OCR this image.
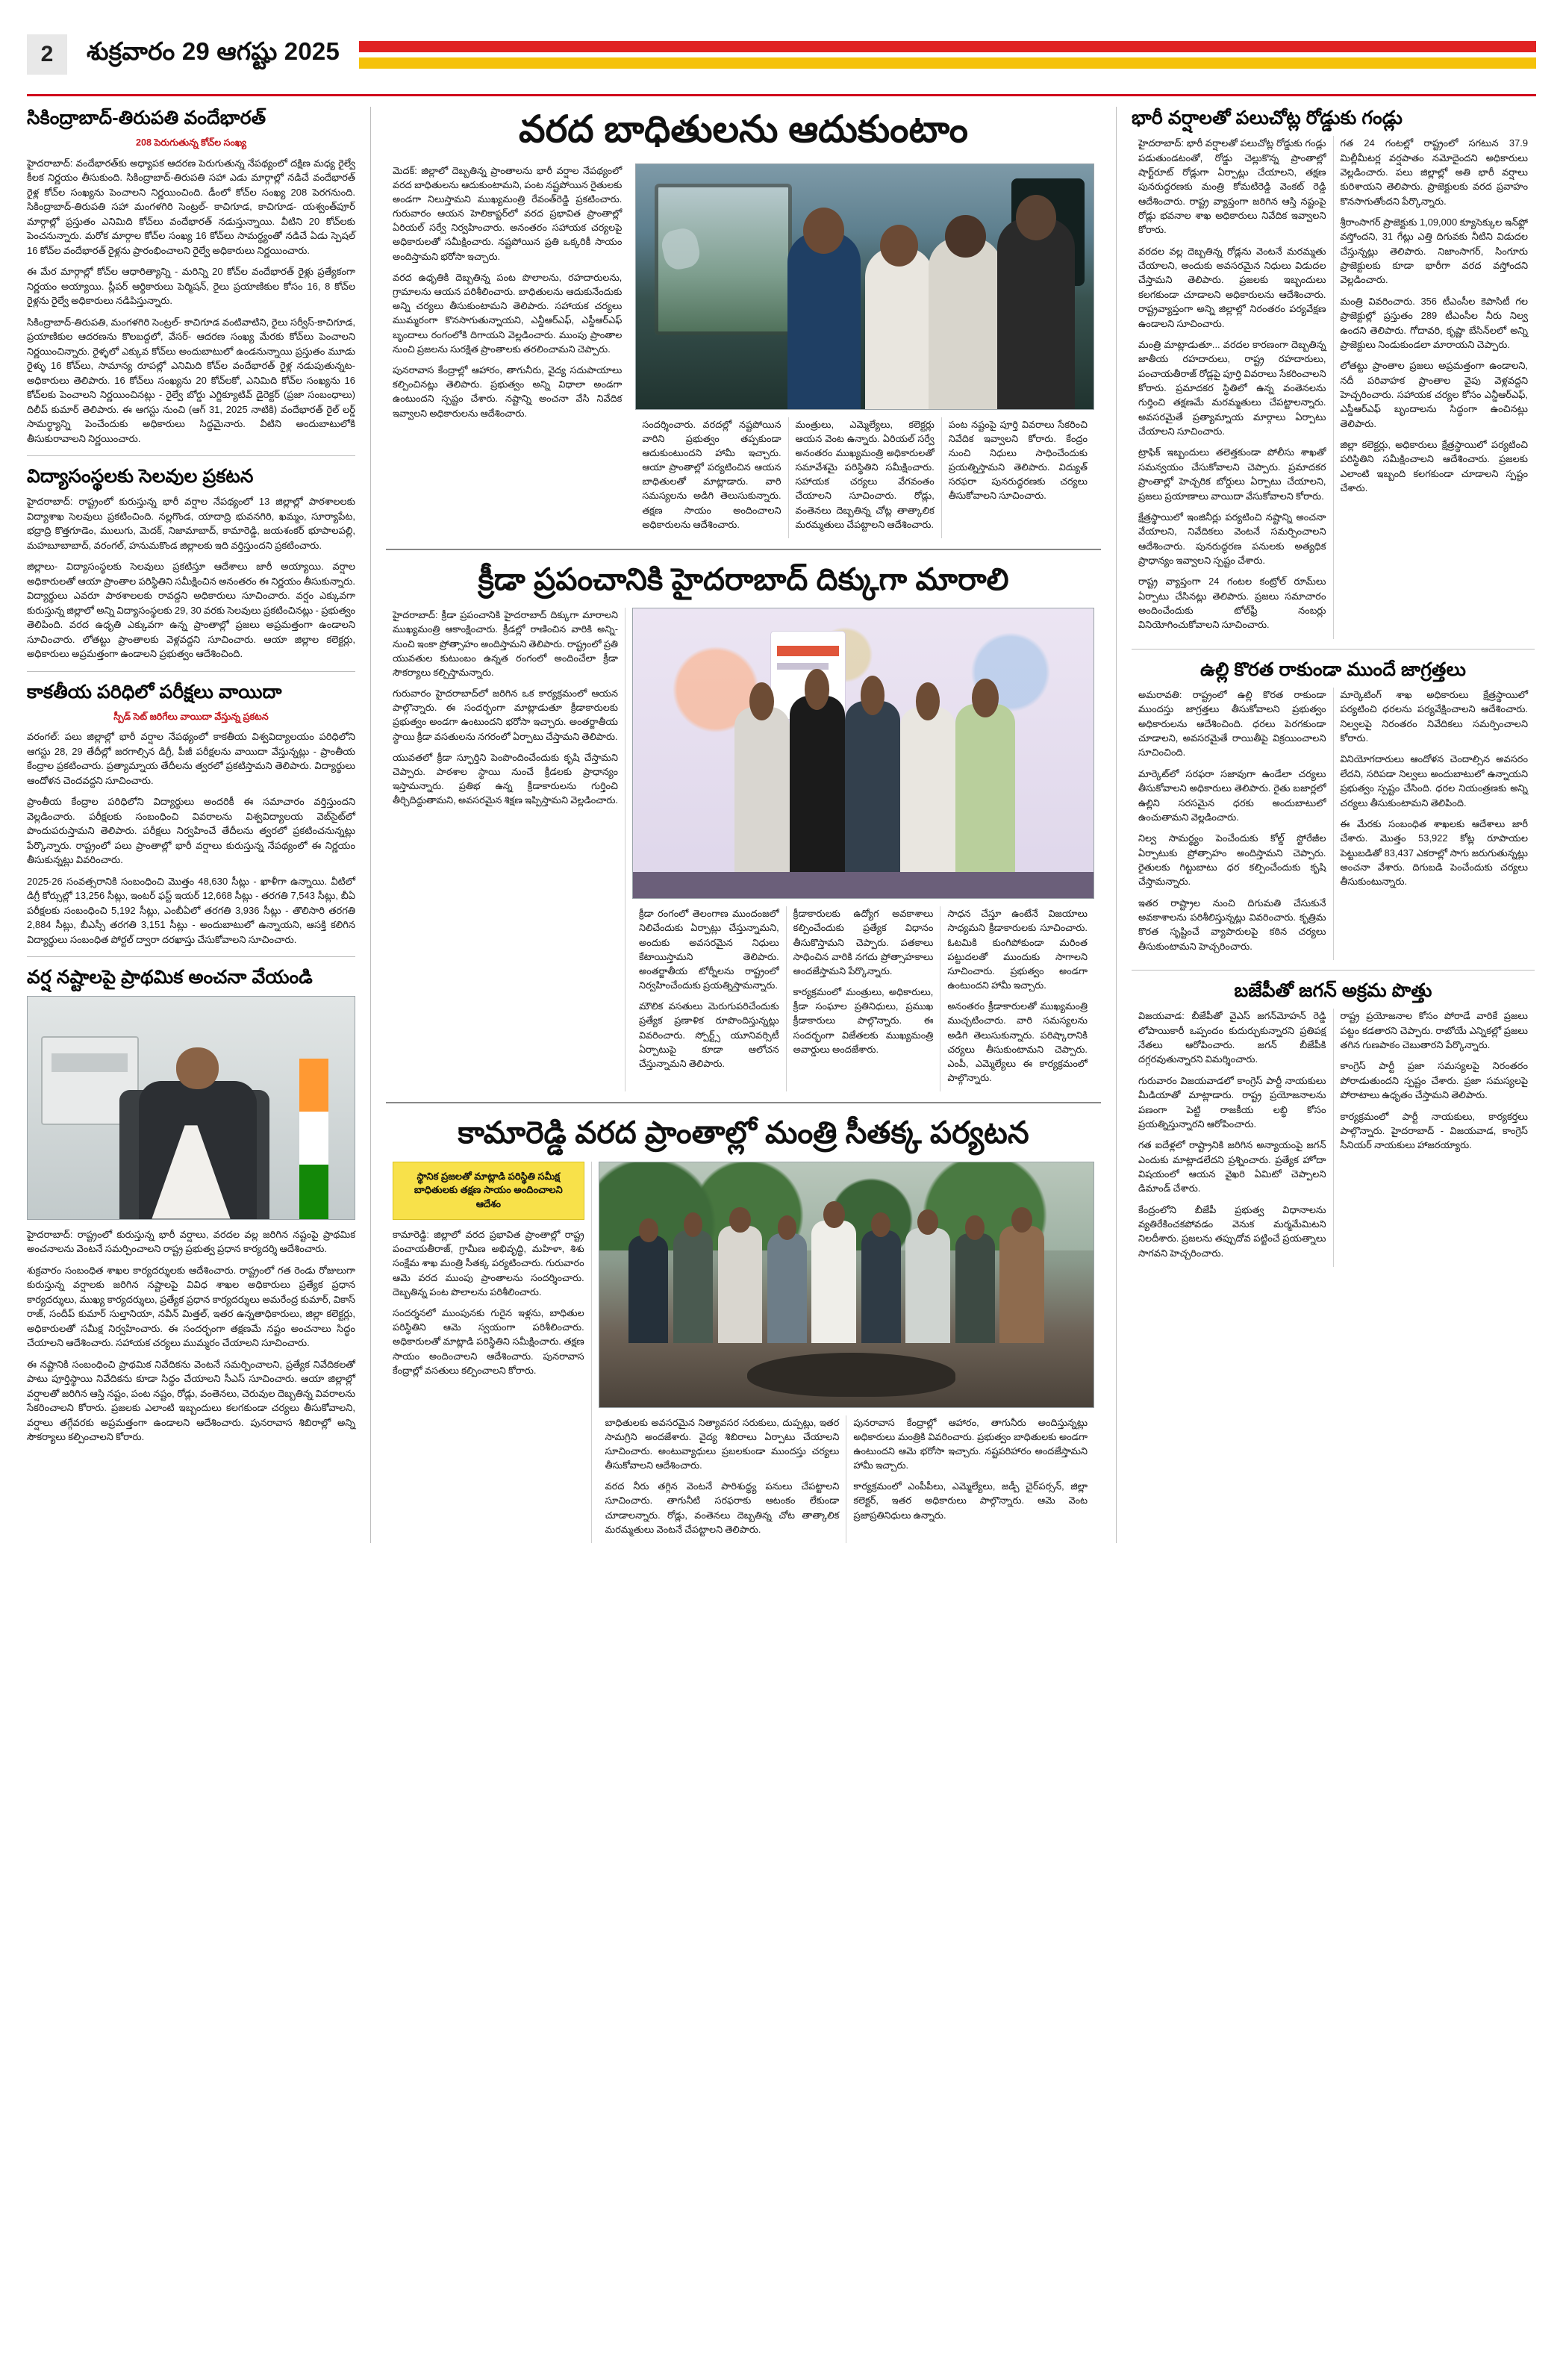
2	శుక్రవారం 29 ఆగష్టు 2025
సికింద్రాబాద్‌-తిరుపతి వందేభారత్‌
208 పెరుగుతున్న కోచ్‌ల సంఖ్య

హైదరాబాద్‌: వందేభారత్‌కు అధ్యాపక ఆదరణ పెరుగుతున్న నేపథ్యంలో దక్షిణ మధ్య రైల్వే కీలక నిర్ణయం తీసుకుంది. సికింద్రాబాద్‌-తిరుపతి సహా ఎడు మార్గాల్లో నడిచే వందేభారత్‌ రైళ్ల కోచ్‌ల సంఖ్యను పెంచాలని నిర్ణయించింది. డీంలో కోచ్‌ల సంఖ్య 208 పెరగనుంది. సికింద్రాబాద్‌-తిరుపతి సహా మంగళగిరి సెంట్రల్‌- కాచిగూడ, కాచిగూడ- యశ్వంత్‌పూర్‌ మార్గాల్లో ప్రస్తుతం ఎనిమిది కోచ్‌లు వందేభారత్‌ నడుస్తున్నాయి. వీటిని 20 కోచ్‌లకు పెంచనున్నారు. మరోక మార్గాల కోచ్‌ల సంఖ్య 16 కోచ్‌లు సామర్థ్యంతో నడిచే ఏడు స్పెషల్‌ 16 కోచ్‌ల వందేభారత్‌ రైళ్లను ప్రారంభించాలని రైల్వే అధికారులు నిర్ణయించారు.

ఈ మేర మార్గాల్లో కోచ్‌ల ఆధారిత్యాన్ని - మరిన్ని 20 కోచ్‌ల వందేభారత్‌ రైళ్లు ప్రత్యేకంగా నిర్ణయం అయ్యాయి. స్లీపర్‌ ఆర్థికారులు పెర్మిషన్‌, రైలు ప్రయాణికుల కోసం 16, 8 కోచ్‌ల రైళ్లను రైల్వే అధికారులు నడిపిస్తున్నారు.

సికింద్రాబాద్‌-తిరుపతి, మంగళగిరి సెంట్రల్‌- కాచిగూడ వంటివాటిని, రైలు సర్వీస్‌-కాచిగూడ, ప్రయాణికుల ఆదరణను కొలబద్దలో, వేసర్‌- ఆదరణ సంఖ్య మేరకు కోచ్‌లు పెంచాలని నిర్ణయించిన్నారు. రైళ్ళలో ఎక్కువ కోచ్‌లు అందుబాటులో ఉండనున్నాయి ప్రస్తుతం మూడు రైళ్ళు 16 కోచ్‌లు, సామాన్య రూపల్లో ఎనిమిది కోచ్‌ల వందేభారత్‌ రైళ్ల నడుపుతున్నట-అధికారులు తెలిపారు. 16 కోచ్‌లు సంఖ్యను 20 కోచ్‌లకో, ఎనిమిది కోచ్‌ల సంఖ్యను 16 కోచ్‌లకు పెంచాలని నిర్ణయించినట్లు - రైల్వే బోర్డు ఎగ్జిక్యూటివ్‌ డైరెక్టర్‌ (ప్రజా సంబంధాలు) దిలీప్‌ కుమార్‌ తెలిపారు. ఈ ఆగస్టు నుంచి (ఆగ్ 31, 2025 నాటికి) వందేభారత్‌ రైల్‌ లర్డ్‌ సామర్ధ్యాన్ని పెంచేందుకు అధికారులు సిద్ధమైనారు. వీటిని అందుబాటులోకి తీసుకురావాలని నిర్ణయించారు.

విద్యాసంస్థలకు సెలవుల ప్రకటన

హైదరాబాద్‌: రాష్ట్రంలో కురుస్తున్న భారీ వర్షాల నేపథ్యంలో 13 జిల్లాల్లో పాఠశాలలకు విద్యాశాఖ సెలవులు ప్రకటించింది. నల్లగొండ, యాదాద్రి భువనగిరి, ఖమ్మం, సూర్యాపేట, భద్రాద్రి కొత్తగూడెం, ములుగు, మెదక్‌, నిజామాబాద్‌, కామారెడ్డి, జయశంకర్‌ భూపాలపల్లి, మహబూబాబాద్‌, వరంగల్‌, హనుమకొండ జిల్లాలకు ఇది వర్తిస్తుందని ప్రకటించారు.

జిల్లాలు- విద్యాసంస్థలకు సెలవులు ప్రకటిస్తూ ఆదేశాలు జారీ అయ్యాయి. వర్షాల అధికారులతో ఆయా ప్రాంతాల పరిస్థితిని సమీక్షించిన అనంతరం ఈ నిర్ణయం తీసుకున్నారు. విద్యార్థులు ఎవరూ పాఠశాలలకు రావద్దని అధికారులు సూచించారు. వర్షం ఎక్కువగా కురుస్తున్న జిల్లాలో అన్ని విద్యాసంస్థలకు 29, 30 వరకు సెలవులు ప్రకటించినట్లు - ప్రభుత్వం తెలిపింది. వరద ఉధృతి ఎక్కువగా ఉన్న ప్రాంతాల్లో ప్రజలు అప్రమత్తంగా ఉండాలని సూచించారు. లోతట్టు ప్రాంతాలకు వెళ్లవద్దని సూచించారు. ఆయా జిల్లాల కలెక్టర్లు, అధికారులు అప్రమత్తంగా ఉండాలని ప్రభుత్వం ఆదేశించింది.

కాకతీయ పరిధిలో పరీక్షలు వాయిదా
స్పీడ్‌ సెట్ జరిగేలు వాయిదా వేస్తున్న ప్రకటన

వరంగల్‌: పలు జిల్లాల్లో భారీ వర్షాల నేపథ్యంలో కాకతీయ విశ్వవిద్యాలయం పరిధిలోని ఆగస్టు 28, 29 తేదీల్లో జరగాల్సిన డిగ్రీ, పీజీ పరీక్షలను వాయిదా వేస్తున్నట్లు - ప్రాంతీయ కేంద్రాల ప్రకటించారు. ప్రత్యామ్నాయ తేదీలను త్వరలో ప్రకటిస్తామని తెలిపారు. విద్యార్థులు ఆందోళన చెందవద్దని సూచించారు.

ప్రాంతీయ కేంద్రాల పరిధిలోని విద్యార్థులు అందరికీ ఈ సమాచారం వర్తిస్తుందని వెల్లడించారు. పరీక్షలకు సంబంధించి వివరాలను విశ్వవిద్యాలయ వెబ్‌సైట్‌లో పొందుపరుస్తామని తెలిపారు. పరీక్షలు నిర్వహించే తేదీలను త్వరలో ప్రకటించనున్నట్లు పేర్కొన్నారు. రాష్ట్రంలో పలు ప్రాంతాల్లో భారీ వర్షాలు కురుస్తున్న నేపథ్యంలో ఈ నిర్ణయం తీసుకున్నట్లు వివరించారు.

2025-26 సంవత్సరానికి సంబంధించి మొత్తం 48,630 సీట్లు - ఖాళీగా ఉన్నాయి. వీటిలో డిగ్రీ కోర్సుల్లో 13,256 సీట్లు, ఇంటర్‌ ఫస్ట్‌ ఇయర్‌ 12,668 సీట్లు - తరగతి 7,543 సీట్లు, బీఏ పరీక్షలకు సంబంధించి 5,192 సీట్లు, ఎంబీఏలో తరగతి 3,936 సీట్లు - తొలిసారి తరగతి 2,884 సీట్లు, బీఎస్సీ తరగతి 3,151 సీట్లు - అందుబాటులో ఉన్నాయని, ఆసక్తి కలిగిన విద్యార్థులు సంబంధిత పోర్టల్‌ ద్వారా దరఖాస్తు చేసుకోవాలని సూచించారు.

వర్ష నష్టాలపై ప్రాథమిక అంచనా వేయండి

హైదరాబాద్‌: రాష్ట్రంలో కురుస్తున్న భారీ వర్షాలు, వరదల వల్ల జరిగిన నష్టంపై ప్రాథమిక అంచనాలను వెంటనే సమర్పించాలని రాష్ట్ర ప్రభుత్వ ప్రధాన కార్యదర్శి ఆదేశించారు.

శుక్రవారం సంబంధిత శాఖల కార్యదర్శులకు ఆదేశించారు. రాష్ట్రంలో గత రెండు రోజులుగా కురుస్తున్న వర్షాలకు జరిగిన నష్టాలపై వివిధ శాఖల అధికారులు ప్రత్యేక ప్రధాన కార్యదర్శులు, ముఖ్య కార్యదర్శులు, ప్రత్యేక ప్రధాన కార్యదర్శులు అమరేంద్ర కుమార్‌, వికాస్‌ రాజ్‌, సందీప్‌ కుమార్‌ సుల్తానియా, నవీన్‌ మిత్తల్‌, ఇతర ఉన్నతాధికారులు, జిల్లా కలెక్టర్లు, అధికారులతో సమీక్ష నిర్వహించారు. ఈ సందర్భంగా తక్షణమే నష్టం అంచనాలు సిద్ధం చేయాలని ఆదేశించారు. సహాయక చర్యలు ముమ్మరం చేయాలని సూచించారు.

ఈ నష్టానికి సంబంధించి ప్రాథమిక నివేదికను వెంటనే సమర్పించాలని, ప్రత్యేక నివేదికలతో పాటు పూర్తిస్థాయి నివేదికను కూడా సిద్ధం చేయాలని సీఎస్‌ సూచించారు. ఆయా జిల్లాల్లో వర్షాలతో జరిగిన ఆస్తి నష్టం, పంట నష్టం, రోడ్లు, వంతెనలు, చెరువుల దెబ్బతిన్న వివరాలను సేకరించాలని కోరారు. ప్రజలకు ఎలాంటి ఇబ్బందులు కలగకుండా చర్యలు తీసుకోవాలని, వర్షాలు తగ్గేవరకు అప్రమత్తంగా ఉండాలని ఆదేశించారు. పునరావాస శిబిరాల్లో అన్ని సౌకర్యాలు కల్పించాలని కోరారు.

వరద బాధితులను ఆదుకుంటాం

మెదక్‌: జిల్లాలో దెబ్బతిన్న ప్రాంతాలను భారీ వర్షాల నేపథ్యంలో వరద బాధితులను ఆదుకుంటామని, పంట నష్టపోయిన రైతులకు అండగా నిలుస్తామని ముఖ్యమంత్రి రేవంత్‌రెడ్డి ప్రకటించారు. గురువారం ఆయన హెలికాప్టర్‌లో వరద ప్రభావిత ప్రాంతాల్లో ఏరియల్‌ సర్వే నిర్వహించారు. అనంతరం సహాయక చర్యలపై అధికారులతో సమీక్షించారు. నష్టపోయిన ప్రతి ఒక్కరికీ సాయం అందిస్తామని భరోసా ఇచ్చారు.

వరద ఉధృతికి దెబ్బతిన్న పంట పొలాలను, రహదారులను, గ్రామాలను ఆయన పరిశీలించారు. బాధితులను ఆదుకునేందుకు అన్ని చర్యలు తీసుకుంటామని తెలిపారు. సహాయక చర్యలు ముమ్మరంగా కొనసాగుతున్నాయని, ఎన్డీఆర్‌ఎఫ్‌, ఎస్డీఆర్‌ఎఫ్‌ బృందాలు రంగంలోకి దిగాయని వెల్లడించారు. ముంపు ప్రాంతాల నుంచి ప్రజలను సురక్షిత ప్రాంతాలకు తరలించామని చెప్పారు.

పునరావాస కేంద్రాల్లో ఆహారం, తాగునీరు, వైద్య సదుపాయాలు కల్పించినట్లు తెలిపారు. ప్రభుత్వం అన్ని విధాలా అండగా ఉంటుందని స్పష్టం చేశారు. నష్టాన్ని అంచనా వేసి నివేదిక ఇవ్వాలని అధికారులను ఆదేశించారు.

సందర్శించారు. వరదల్లో నష్టపోయిన వారిని ప్రభుత్వం తప్పకుండా ఆదుకుంటుందని హామీ ఇచ్చారు. ఆయా ప్రాంతాల్లో పర్యటించిన ఆయన బాధితులతో మాట్లాడారు. వారి సమస్యలను అడిగి తెలుసుకున్నారు. తక్షణ సాయం అందించాలని అధికారులను ఆదేశించారు.

మంత్రులు, ఎమ్మెల్యేలు, కలెక్టర్లు ఆయన వెంట ఉన్నారు. ఏరియల్‌ సర్వే అనంతరం ముఖ్యమంత్రి అధికారులతో సమావేశమై పరిస్థితిని సమీక్షించారు. సహాయక చర్యలు వేగవంతం చేయాలని సూచించారు. రోడ్లు, వంతెనలు దెబ్బతిన్న చోట్ల తాత్కాలిక మరమ్మతులు చేపట్టాలని ఆదేశించారు.

పంట నష్టంపై పూర్తి వివరాలు సేకరించి నివేదిక ఇవ్వాలని కోరారు. కేంద్రం నుంచి నిధులు సాధించేందుకు ప్రయత్నిస్తామని తెలిపారు. విద్యుత్‌ సరఫరా పునరుద్ధరణకు చర్యలు తీసుకోవాలని సూచించారు.

క్రీడా ప్రపంచానికి హైదరాబాద్‌ దిక్కుగా మారాలి

హైదరాబాద్‌: క్రీడా ప్రపంచానికి హైదరాబాద్‌ దిక్కుగా మారాలని ముఖ్యమంత్రి ఆకాంక్షించారు. క్రీడల్లో రాణించిన వారికి అన్ని- నుంచి ఇంకా ప్రోత్సాహం అందిస్తామని తెలిపారు. రాష్ట్రంలో ప్రతి యువతుల కుటుంబం ఉన్నత రంగంలో అందించేలా క్రీడా సౌకర్యాలు కల్పిస్తామన్నారు.

గురువారం హైదరాబాద్‌లో జరిగిన ఒక కార్యక్రమంలో ఆయన పాల్గొన్నారు. ఈ సందర్భంగా మాట్లాడుతూ క్రీడాకారులకు ప్రభుత్వం అండగా ఉంటుందని భరోసా ఇచ్చారు. అంతర్జాతీయ స్థాయి క్రీడా వసతులను నగరంలో ఏర్పాటు చేస్తామని తెలిపారు.

యువతలో క్రీడా స్ఫూర్తిని పెంపొందించేందుకు కృషి చేస్తామని చెప్పారు. పాఠశాల స్థాయి నుంచే క్రీడలకు ప్రాధాన్యం ఇస్తామన్నారు. ప్రతిభ ఉన్న క్రీడాకారులను గుర్తించి తీర్చిదిద్దుతామని, అవసరమైన శిక్షణ ఇప్పిస్తామని వెల్లడించారు.

క్రీడా రంగంలో తెలంగాణ ముందంజలో నిలిచేందుకు ఏర్పాట్లు చేస్తున్నామని, అందుకు అవసరమైన నిధులు కేటాయిస్తామని తెలిపారు. అంతర్జాతీయ టోర్నీలను రాష్ట్రంలో నిర్వహించేందుకు ప్రయత్నిస్తామన్నారు.

మౌలిక వసతులు మెరుగుపరిచేందుకు ప్రత్యేక ప్రణాళిక రూపొందిస్తున్నట్లు వివరించారు. స్పోర్ట్స్‌ యూనివర్సిటీ ఏర్పాటుపై కూడా ఆలోచన చేస్తున్నామని తెలిపారు.

క్రీడాకారులకు ఉద్యోగ అవకాశాలు కల్పించేందుకు ప్రత్యేక విధానం తీసుకొస్తామని చెప్పారు. పతకాలు సాధించిన వారికి నగదు ప్రోత్సాహకాలు అందజేస్తామని పేర్కొన్నారు.

కార్యక్రమంలో మంత్రులు, అధికారులు, క్రీడా సంఘాల ప్రతినిధులు, ప్రముఖ క్రీడాకారులు పాల్గొన్నారు. ఈ సందర్భంగా విజేతలకు ముఖ్యమంత్రి అవార్డులు అందజేశారు.

సాధన చేస్తూ ఉంటేనే విజయాలు సాధ్యమని క్రీడాకారులకు సూచించారు. ఓటమికి కుంగిపోకుండా మరింత పట్టుదలతో ముందుకు సాగాలని సూచించారు. ప్రభుత్వం అండగా ఉంటుందని హామీ ఇచ్చారు.

అనంతరం క్రీడాకారులతో ముఖ్యమంత్రి ముచ్చటించారు. వారి సమస్యలను అడిగి తెలుసుకున్నారు. పరిష్కారానికి చర్యలు తీసుకుంటామని చెప్పారు. ఎంపీ, ఎమ్మెల్యేలు ఈ కార్యక్రమంలో పాల్గొన్నారు.

కామారెడ్డి వరద ప్రాంతాల్లో మంత్రి సీతక్క పర్యటన
స్థానిక ప్రజలతో మాట్లాడి పరిస్థితి సమీక్ష బాధితులకు తక్షణ సాయం అందించాలని ఆదేశం

కామారెడ్డి: జిల్లాలో వరద ప్రభావిత ప్రాంతాల్లో రాష్ట్ర పంచాయతీరాజ్‌, గ్రామీణ అభివృద్ధి, మహిళా, శిశు సంక్షేమ శాఖ మంత్రి సీతక్క పర్యటించారు. గురువారం ఆమె వరద ముంపు ప్రాంతాలను సందర్శించారు. దెబ్బతిన్న పంట పొలాలను పరిశీలించారు.

సందర్శనలో ముంపునకు గురైన ఇళ్లను, బాధితుల పరిస్థితిని ఆమె స్వయంగా పరిశీలించారు. అధికారులతో మాట్లాడి పరిస్థితిని సమీక్షించారు. తక్షణ సాయం అందించాలని ఆదేశించారు. పునరావాస కేంద్రాల్లో వసతులు కల్పించాలని కోరారు.

బాధితులకు అవసరమైన నిత్యావసర సరుకులు, దుప్పట్లు, ఇతర సామగ్రిని అందజేశారు. వైద్య శిబిరాలు ఏర్పాటు చేయాలని సూచించారు. అంటువ్యాధులు ప్రబలకుండా ముందస్తు చర్యలు తీసుకోవాలని ఆదేశించారు.

వరద నీరు తగ్గిన వెంటనే పారిశుద్ధ్య పనులు చేపట్టాలని సూచించారు. తాగునీటి సరఫరాకు ఆటంకం లేకుండా చూడాలన్నారు. రోడ్లు, వంతెనలు దెబ్బతిన్న చోట తాత్కాలిక మరమ్మతులు వెంటనే చేపట్టాలని తెలిపారు.

పునరావాస కేంద్రాల్లో ఆహారం, తాగునీరు అందిస్తున్నట్లు అధికారులు మంత్రికి వివరించారు. ప్రభుత్వం బాధితులకు అండగా ఉంటుందని ఆమె భరోసా ఇచ్చారు. నష్టపరిహారం అందజేస్తామని హామీ ఇచ్చారు.

కార్యక్రమంలో ఎంపీపీలు, ఎమ్మెల్యేలు, జడ్పీ చైర్‌పర్సన్‌, జిల్లా కలెక్టర్‌, ఇతర అధికారులు పాల్గొన్నారు. ఆమె వెంట ప్రజాప్రతినిధులు ఉన్నారు.

భారీ వర్షాలతో పలుచోట్ల రోడ్డుకు గండ్లు

హైదరాబాద్‌: భారీ వర్షాలతో పలుచోట్ల రోడ్డుకు గండ్లు పడుతుండటంతో, రోడ్డు చెల్లుకొన్న ప్రాంతాల్లో షార్ట్‌రూట్‌ రోడ్లుగా ఏర్పాట్లు చేయాలని, తక్షణ పునరుద్ధరణకు మంత్రి కోమటిరెడ్డి వెంకట్‌ రెడ్డి ఆదేశించారు. రాష్ట్ర వ్యాప్తంగా జరిగిన ఆస్తి నష్టంపై రోడ్లు భవనాల శాఖ అధికారులు నివేదిక ఇవ్వాలని కోరారు.

వరదల వల్ల దెబ్బతిన్న రోడ్లను వెంటనే మరమ్మతు చేయాలని, అందుకు అవసరమైన నిధులు విడుదల చేస్తామని తెలిపారు. ప్రజలకు ఇబ్బందులు కలగకుండా చూడాలని అధికారులను ఆదేశించారు. రాష్ట్రవ్యాప్తంగా అన్ని జిల్లాల్లో నిరంతరం పర్యవేక్షణ ఉండాలని సూచించారు.

మంత్రి మాట్లాడుతూ... వరదల కారణంగా దెబ్బతిన్న జాతీయ రహదారులు, రాష్ట్ర రహదారులు, పంచాయతీరాజ్‌ రోడ్లపై పూర్తి వివరాలు సేకరించాలని కోరారు. ప్రమాదకర స్థితిలో ఉన్న వంతెనలను గుర్తించి తక్షణమే మరమ్మతులు చేపట్టాలన్నారు. అవసరమైతే ప్రత్యామ్నాయ మార్గాలు ఏర్పాటు చేయాలని సూచించారు.

ట్రాఫిక్‌ ఇబ్బందులు తలెత్తకుండా పోలీసు శాఖతో సమన్వయం చేసుకోవాలని చెప్పారు. ప్రమాదకర ప్రాంతాల్లో హెచ్చరిక బోర్డులు ఏర్పాటు చేయాలని, ప్రజలు ప్రయాణాలు వాయిదా వేసుకోవాలని కోరారు.

క్షేత్రస్థాయిలో ఇంజినీర్లు పర్యటించి నష్టాన్ని అంచనా వేయాలని, నివేదికలు వెంటనే సమర్పించాలని ఆదేశించారు. పునరుద్ధరణ పనులకు అత్యధిక ప్రాధాన్యం ఇవ్వాలని స్పష్టం చేశారు.

రాష్ట్ర వ్యాప్తంగా 24 గంటల కంట్రోల్‌ రూమ్‌లు ఏర్పాటు చేసినట్లు తెలిపారు. ప్రజలు సమాచారం అందించేందుకు టోల్‌ఫ్రీ నంబర్లు వినియోగించుకోవాలని సూచించారు.

గత 24 గంటల్లో రాష్ట్రంలో సగటున 37.9 మిల్లీమీటర్ల వర్షపాతం నమోదైందని అధికారులు వెల్లడించారు. పలు జిల్లాల్లో అతి భారీ వర్షాలు కురిశాయని తెలిపారు. ప్రాజెక్టులకు వరద ప్రవాహం కొనసాగుతోందని పేర్కొన్నారు.

శ్రీరాంసాగర్‌ ప్రాజెక్టుకు 1,09,000 క్యూసెక్కుల ఇన్‌ఫ్లో వస్తోందని, 31 గేట్లు ఎత్తి దిగువకు నీటిని విడుదల చేస్తున్నట్లు తెలిపారు. నిజాంసాగర్‌, సింగూరు ప్రాజెక్టులకు కూడా భారీగా వరద వస్తోందని వెల్లడించారు.

మంత్రి వివరించారు. 356 టీఎంసీల కెపాసిటీ గల ప్రాజెక్టుల్లో ప్రస్తుతం 289 టీఎంసీల నీరు నిల్వ ఉందని తెలిపారు. గోదావరి, కృష్ణా బేసిన్‌లలో అన్ని ప్రాజెక్టులు నిండుకుండలా మారాయని చెప్పారు.

లోతట్టు ప్రాంతాల ప్రజలు అప్రమత్తంగా ఉండాలని, నదీ పరివాహక ప్రాంతాల వైపు వెళ్లవద్దని హెచ్చరించారు. సహాయక చర్యల కోసం ఎన్డీఆర్‌ఎఫ్‌, ఎస్డీఆర్‌ఎఫ్‌ బృందాలను సిద్ధంగా ఉంచినట్లు తెలిపారు.

జిల్లా కలెక్టర్లు, అధికారులు క్షేత్రస్థాయిలో పర్యటించి పరిస్థితిని సమీక్షించాలని ఆదేశించారు. ప్రజలకు ఎలాంటి ఇబ్బంది కలగకుండా చూడాలని స్పష్టం చేశారు.

ఉల్లి కొరత రాకుండా ముందే జాగ్రత్తలు

అమరావతి: రాష్ట్రంలో ఉల్లి కొరత రాకుండా ముందస్తు జాగ్రత్తలు తీసుకోవాలని ప్రభుత్వం అధికారులను ఆదేశించింది. ధరలు పెరగకుండా చూడాలని, అవసరమైతే రాయితీపై విక్రయించాలని సూచించింది.

మార్కెట్‌లో సరఫరా సజావుగా ఉండేలా చర్యలు తీసుకోవాలని అధికారులు తెలిపారు. రైతు బజార్లలో ఉల్లిని సరసమైన ధరకు అందుబాటులో ఉంచుతామని వెల్లడించారు.

నిల్వ సామర్థ్యం పెంచేందుకు కోల్డ్‌ స్టోరేజీల ఏర్పాటుకు ప్రోత్సాహం అందిస్తామని చెప్పారు. రైతులకు గిట్టుబాటు ధర కల్పించేందుకు కృషి చేస్తామన్నారు.

ఇతర రాష్ట్రాల నుంచి దిగుమతి చేసుకునే అవకాశాలను పరిశీలిస్తున్నట్లు వివరించారు. కృత్రిమ కొరత సృష్టించే వ్యాపారులపై కఠిన చర్యలు తీసుకుంటామని హెచ్చరించారు.

మార్కెటింగ్‌ శాఖ అధికారులు క్షేత్రస్థాయిలో పర్యటించి ధరలను పర్యవేక్షించాలని ఆదేశించారు. నిల్వలపై నిరంతరం నివేదికలు సమర్పించాలని కోరారు.

వినియోగదారులు ఆందోళన చెందాల్సిన అవసరం లేదని, సరిపడా నిల్వలు అందుబాటులో ఉన్నాయని ప్రభుత్వం స్పష్టం చేసింది. ధరల నియంత్రణకు అన్ని చర్యలు తీసుకుంటామని తెలిపింది.

ఈ మేరకు సంబంధిత శాఖలకు ఆదేశాలు జారీ చేశారు. మొత్తం 53,922 కోట్ల రూపాయల పెట్టుబడితో 83,437 ఎకరాల్లో సాగు జరుగుతున్నట్లు అంచనా వేశారు. దిగుబడి పెంచేందుకు చర్యలు తీసుకుంటున్నారు.

బజేపీతో జగన్‌ అక్రమ పొత్తు

విజయవాడ: బీజేపీతో వైఎస్‌ జగన్‌మోహన్‌ రెడ్డి లోపాయికారీ ఒప్పందం కుదుర్చుకున్నారని ప్రతిపక్ష నేతలు ఆరోపించారు. జగన్‌ బీజేపీకి దగ్గరవుతున్నారని విమర్శించారు.

గురువారం విజయవాడలో కాంగ్రెస్‌ పార్టీ నాయకులు మీడియాతో మాట్లాడారు. రాష్ట్ర ప్రయోజనాలను పణంగా పెట్టి రాజకీయ లబ్ధి కోసం ప్రయత్నిస్తున్నారని ఆరోపించారు.

గత ఐదేళ్లలో రాష్ట్రానికి జరిగిన అన్యాయంపై జగన్‌ ఎందుకు మాట్లాడలేదని ప్రశ్నించారు. ప్రత్యేక హోదా విషయంలో ఆయన వైఖరి ఏమిటో చెప్పాలని డిమాండ్‌ చేశారు.

కేంద్రంలోని బీజేపీ ప్రభుత్వ విధానాలను వ్యతిరేకించకపోవడం వెనుక మర్మమేమిటని నిలదీశారు. ప్రజలను తప్పుదోవ పట్టించే ప్రయత్నాలు సాగవని హెచ్చరించారు.

రాష్ట్ర ప్రయోజనాల కోసం పోరాడే వారికే ప్రజలు పట్టం కడతారని చెప్పారు. రాబోయే ఎన్నికల్లో ప్రజలు తగిన గుణపాఠం చెబుతారని పేర్కొన్నారు.

కాంగ్రెస్‌ పార్టీ ప్రజా సమస్యలపై నిరంతరం పోరాడుతుందని స్పష్టం చేశారు. ప్రజా సమస్యలపై పోరాటాలు ఉధృతం చేస్తామని తెలిపారు.

కార్యక్రమంలో పార్టీ నాయకులు, కార్యకర్తలు పాల్గొన్నారు. హైదరాబాద్‌ - విజయవాడ, కాంగ్రెస్‌ సీనియర్‌ నాయకులు హాజరయ్యారు.
